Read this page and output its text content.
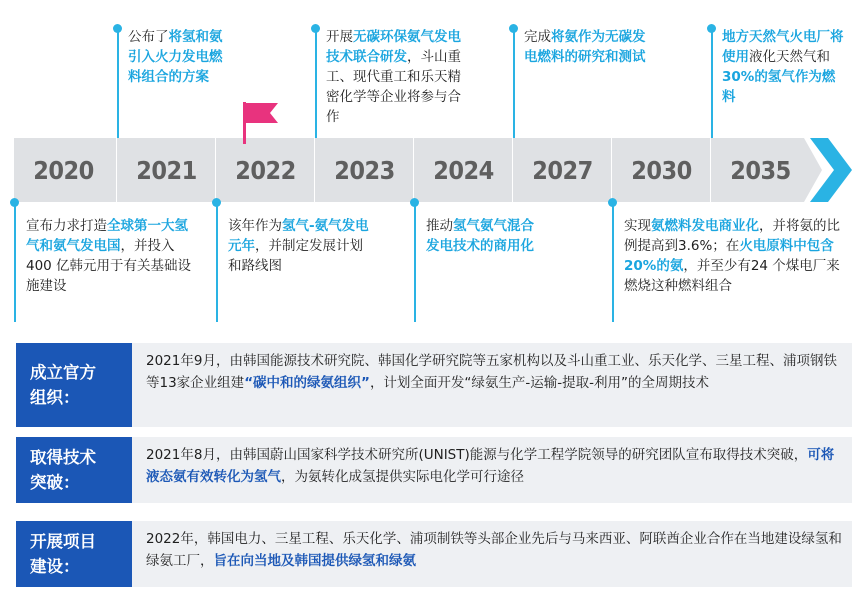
2020	2021	2022	2023	2024	2027	2030	2035
公布了将氢和氨引入火力发电燃料组合的方案
开展无碳环保氨气发电技术联合研发，斗山重工、现代重工和乐天精密化学等企业将参与合作
完成将氨作为无碳发电燃料的研究和测试
地方天然气火电厂将使用液化天然气和30%的氢气作为燃料
宣布力求打造全球第一大氢气和氨气发电国，并投入400 亿韩元用于有关基础设施建设
该年作为氢气-氨气发电元年，并制定发展计划和路线图
推动氢气氨气混合发电技术的商用化
实现氨燃料发电商业化，并将氨的比例提高到3.6%；在火电原料中包含20%的氨，并至少有24 个煤电厂来燃烧这种燃料组合
成立官方
组织：
2021年9月，由韩国能源技术研究院、韩国化学研究院等五家机构以及斗山重工业、乐天化学、三星工程、浦项钢铁等13家企业组建“碳中和的绿氨组织”，计划全面开发“绿氨生产-运输-提取-利用”的全周期技术
取得技术
突破：
2021年8月，由韩国蔚山国家科学技术研究所(UNIST)能源与化学工程学院领导的研究团队宣布取得技术突破，可将液态氨有效转化为氢气，为氨转化成氢提供实际电化学可行途径
开展项目
建设：
2022年，韩国电力、三星工程、乐天化学、浦项制铁等头部企业先后与马来西亚、阿联酋企业合作在当地建设绿氢和绿氨工厂，旨在向当地及韩国提供绿氢和绿氨
